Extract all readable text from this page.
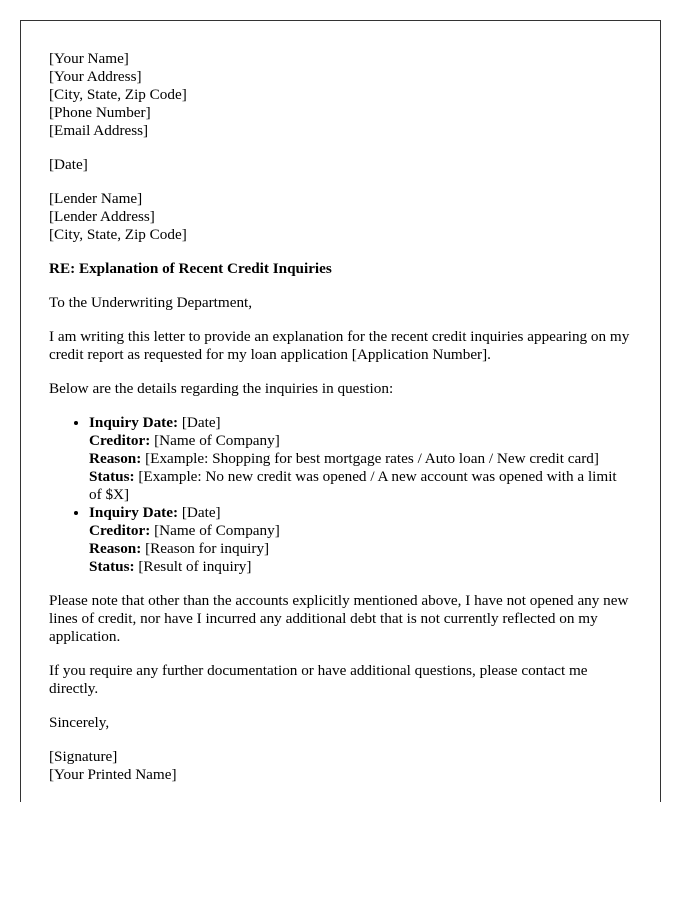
[Your Name]
[Your Address]
[City, State, Zip Code]
[Phone Number]
[Email Address]

[Date]

[Lender Name]
[Lender Address]
[City, State, Zip Code]

RE: Explanation of Recent Credit Inquiries

To the Underwriting Department,

I am writing this letter to provide an explanation for the recent credit inquiries appearing on my credit report as requested for my loan application [Application Number].

Below are the details regarding the inquiries in question:

• Inquiry Date: [Date]
Creditor: [Name of Company]
Reason: [Example: Shopping for best mortgage rates / Auto loan / New credit card]
Status: [Example: No new credit was opened / A new account was opened with a limit of $X]
• Inquiry Date: [Date]
Creditor: [Name of Company]
Reason: [Reason for inquiry]
Status: [Result of inquiry]

Please note that other than the accounts explicitly mentioned above, I have not opened any new lines of credit, nor have I incurred any additional debt that is not currently reflected on my application.

If you require any further documentation or have additional questions, please contact me directly.

Sincerely,

[Signature]
[Your Printed Name]
